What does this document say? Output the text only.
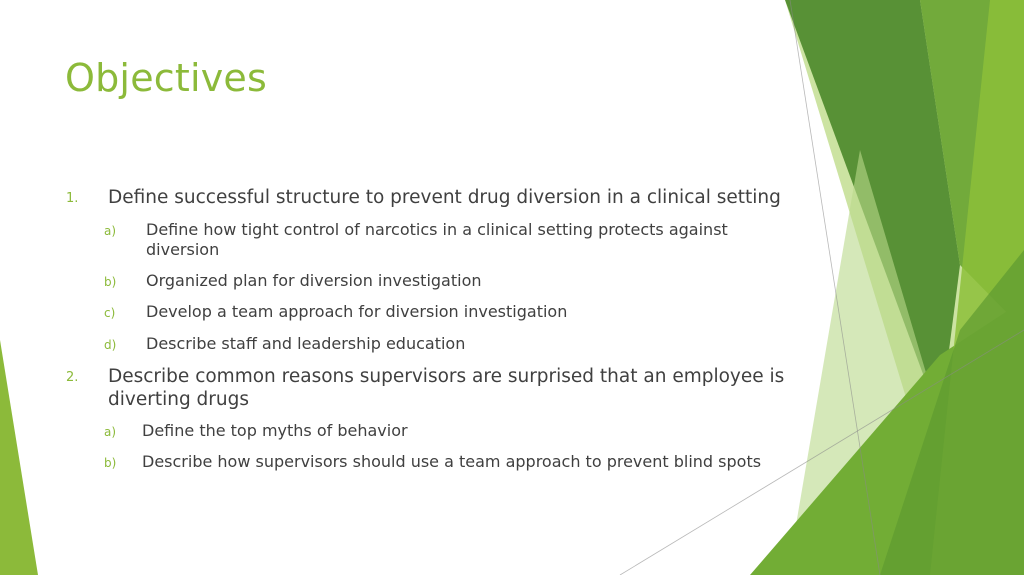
Objectives
1. Define successful structure to prevent drug diversion in a clinical setting
a) Define how tight control of narcotics in a clinical setting protects against diversion
b) Organized plan for diversion investigation
c) Develop a team approach for diversion investigation
d) Describe staff and leadership education
2. Describe common reasons supervisors are surprised that an employee is diverting drugs
a) Define the top myths of behavior
b) Describe how supervisors should use a team approach to prevent blind spots
